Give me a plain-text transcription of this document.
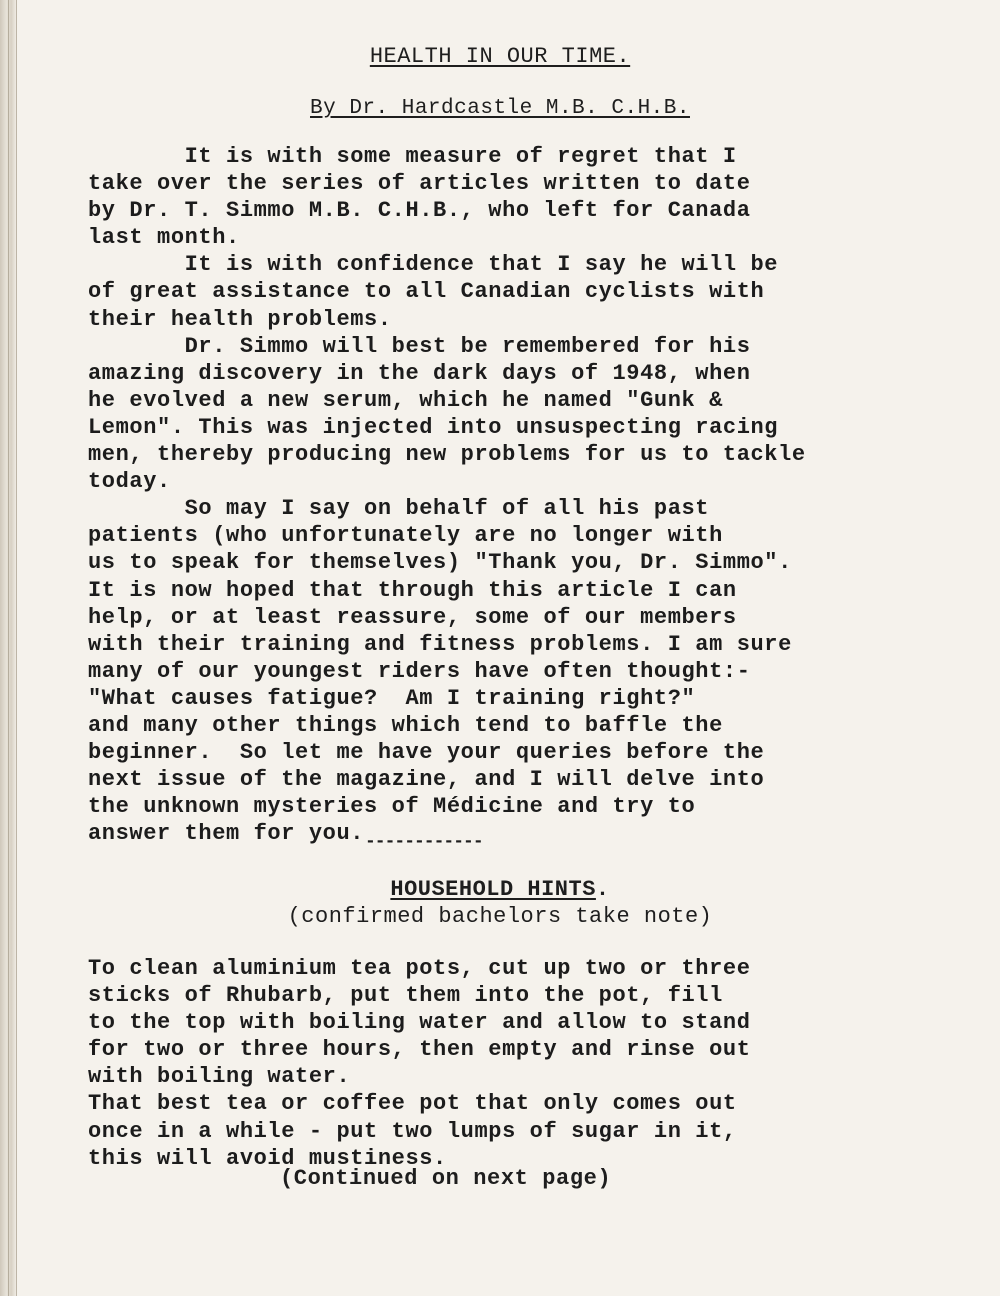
HEALTH IN OUR TIME.
By Dr. Hardcastle M.B. C.H.B.
It is with some measure of regret that I
take over the series of articles written to date
by Dr. T. Simmo M.B. C.H.B., who left for Canada
last month.
It is with confidence that I say he will be
of great assistance to all Canadian cyclists with
their health problems.
Dr. Simmo will best be remembered for his
amazing discovery in the dark days of 1948, when
he evolved a new serum, which he named "Gunk &
Lemon". This was injected into unsuspecting racing
men, thereby producing new problems for us to tackle
today.
So may I say on behalf of all his past
patients (who unfortunately are no longer with
us to speak for themselves) "Thank you, Dr. Simmo".
It is now hoped that through this article I can
help, or at least reassure, some of our members
with their training and fitness problems. I am sure
many of our youngest riders have often thought:-
"What causes fatigue?  Am I training right?"
and many other things which tend to baffle the
beginner.  So let me have your queries before the
next issue of the magazine, and I will delve into
the unknown mysteries of Médicine and try to
answer them for you. ------------
HOUSEHOLD HINTS.
(confirmed bachelors take note)
To clean aluminium tea pots, cut up two or three
sticks of Rhubarb, put them into the pot, fill
to the top with boiling water and allow to stand
for two or three hours, then empty and rinse out
with boiling water.
That best tea or coffee pot that only comes out
once in a while - put two lumps of sugar in it,
this will avoid mustiness.
(Continued on next page)
